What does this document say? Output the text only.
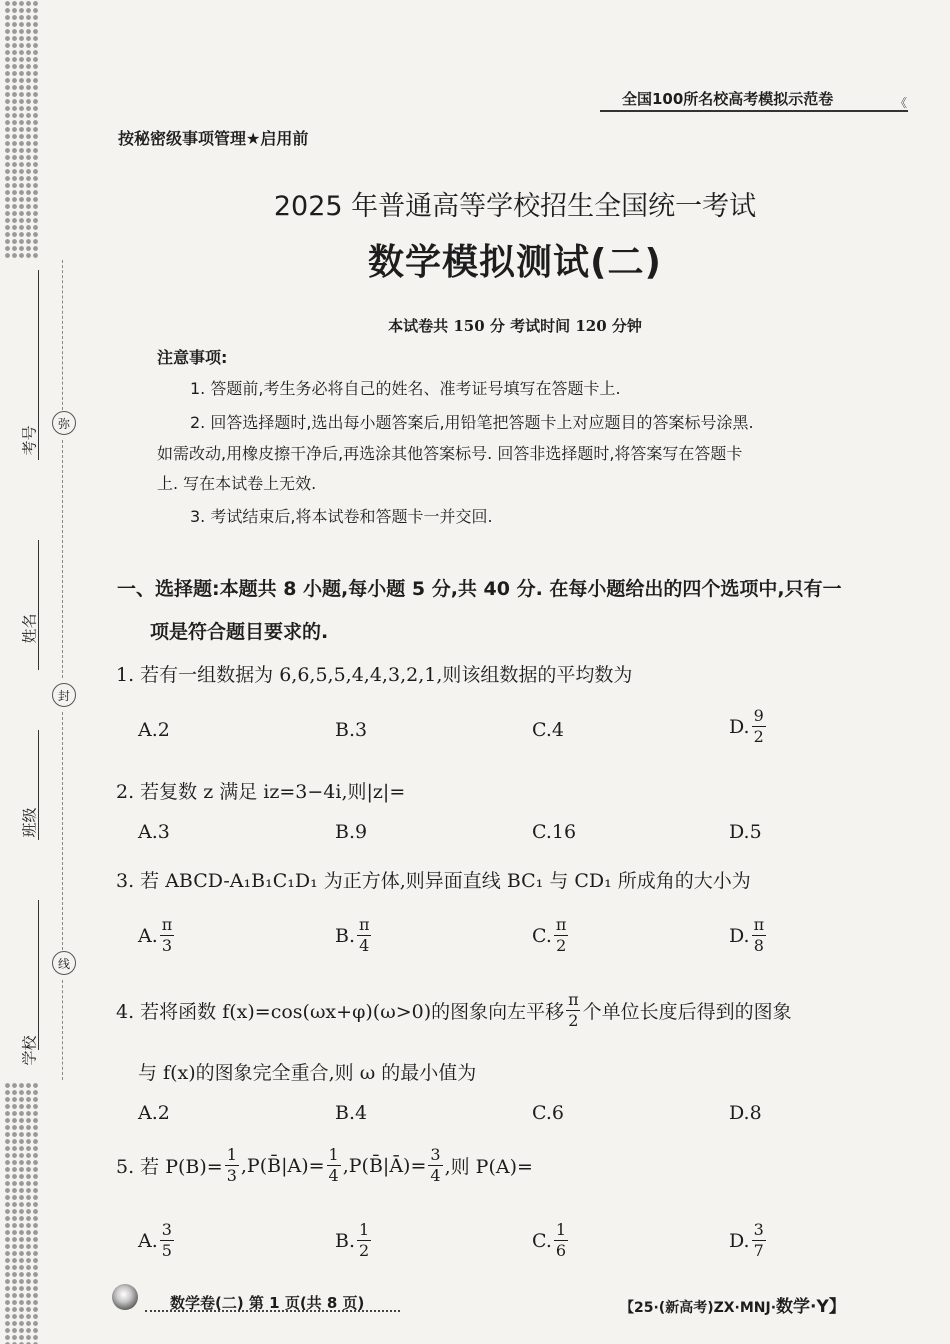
考号
姓名
班级
学校
弥
封
线
全国100所名校高考模拟示范卷	《
按秘密级事项管理★启用前
2025 年普通高等学校招生全国统一考试
数学模拟测试(二)
本试卷共 150 分 考试时间 120 分钟
注意事项:
1. 答题前,考生务必将自己的姓名、准考证号填写在答题卡上.
2. 回答选择题时,选出每小题答案后,用铅笔把答题卡上对应题目的答案标号涂黑.
如需改动,用橡皮擦干净后,再选涂其他答案标号. 回答非选择题时,将答案写在答题卡
上. 写在本试卷上无效.
3. 考试结束后,将本试卷和答题卡一并交回.
一、选择题:本题共 8 小题,每小题 5 分,共 40 分. 在每小题给出的四个选项中,只有一
项是符合题目要求的.
1. 若有一组数据为 6,6,5,5,4,4,3,2,1,则该组数据的平均数为
A. 2	B. 3	C. 4	D. $\frac{9}{2}$
2. 若复数 z 满足 iz=3−4i,则|z|=
A. 3	B. 9	C. 16	D. 5
3. 若 ABCD-A₁B₁C₁D₁ 为正方体,则异面直线 BC₁ 与 CD₁ 所成角的大小为
A. $\frac{\pi}{3}$	B. $\frac{\pi}{4}$	C. $\frac{\pi}{2}$	D. $\frac{\pi}{8}$
4. 若将函数 f(x)=cos(ωx+φ)(ω>0)的图象向左平移 $\frac{\pi}{2}$ 个单位长度后得到的图象
与 f(x)的图象完全重合,则 ω 的最小值为
A. 2	B. 4	C. 6	D. 8
5. 若 $P(B)= \frac{1}{3}$ ,P(B̄|A)= $\frac{1}{4}$ ,P(B̄|Ā)= $\frac{3}{4}$ ,则 P(A)=
A. $\frac{3}{5}$	B. $\frac{1}{2}$	C. $\frac{1}{6}$	D. $\frac{3}{7}$
数学卷(二) 第 1 页(共 8 页)	【25·(新高考)ZX·MNJ·数学·Y】
